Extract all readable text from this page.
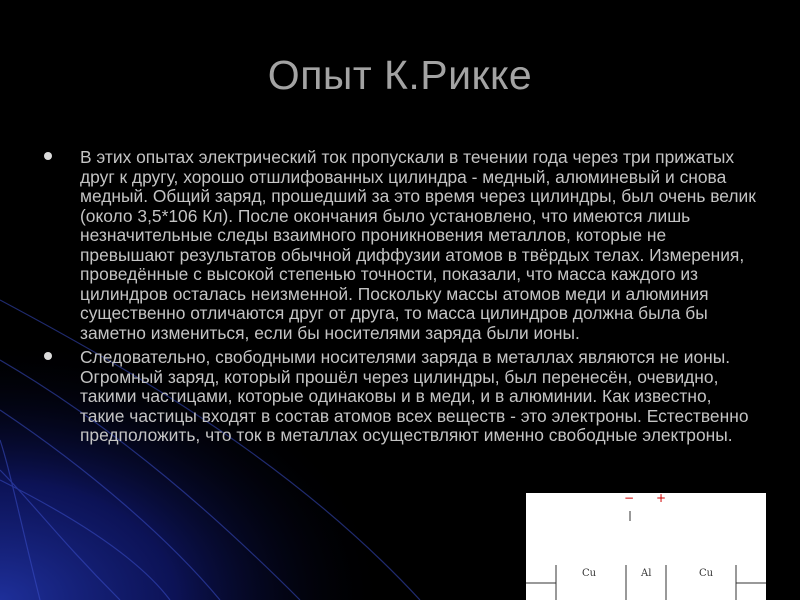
Опыт К.Рикке
В этих опытах электрический ток пропускали в течении года через три прижатых друг к другу, хорошо отшлифованных цилиндра - медный, алюминевый и снова медный. Общий заряд, прошедший за это время через цилиндры, был очень велик (около 3,5*106 Кл). После окончания было установлено, что имеются лишь незначительные следы взаимного проникновения металлов, которые не превышают результатов обычной диффузии атомов в твёрдых телах. Измерения, проведённые с высокой степенью точности, показали, что масса каждого из цилиндров осталась неизменной. Поскольку массы атомов меди и алюминия существенно отличаются друг от друга, то масса цилиндров должна была бы заметно измениться, если бы носителями заряда были ионы.
Следовательно, свободными носителями заряда в металлах являются не ионы. Огромный заряд, который прошёл через цилиндры, был перенесён, очевидно, такими частицами, которые одинаковы и в меди, и в алюминии. Как известно, такие частицы входят в состав атомов всех веществ - это электроны. Естественно предположить, что ток в металлах осуществляют именно свободные электроны.
− +
Cu	Al	Cu
